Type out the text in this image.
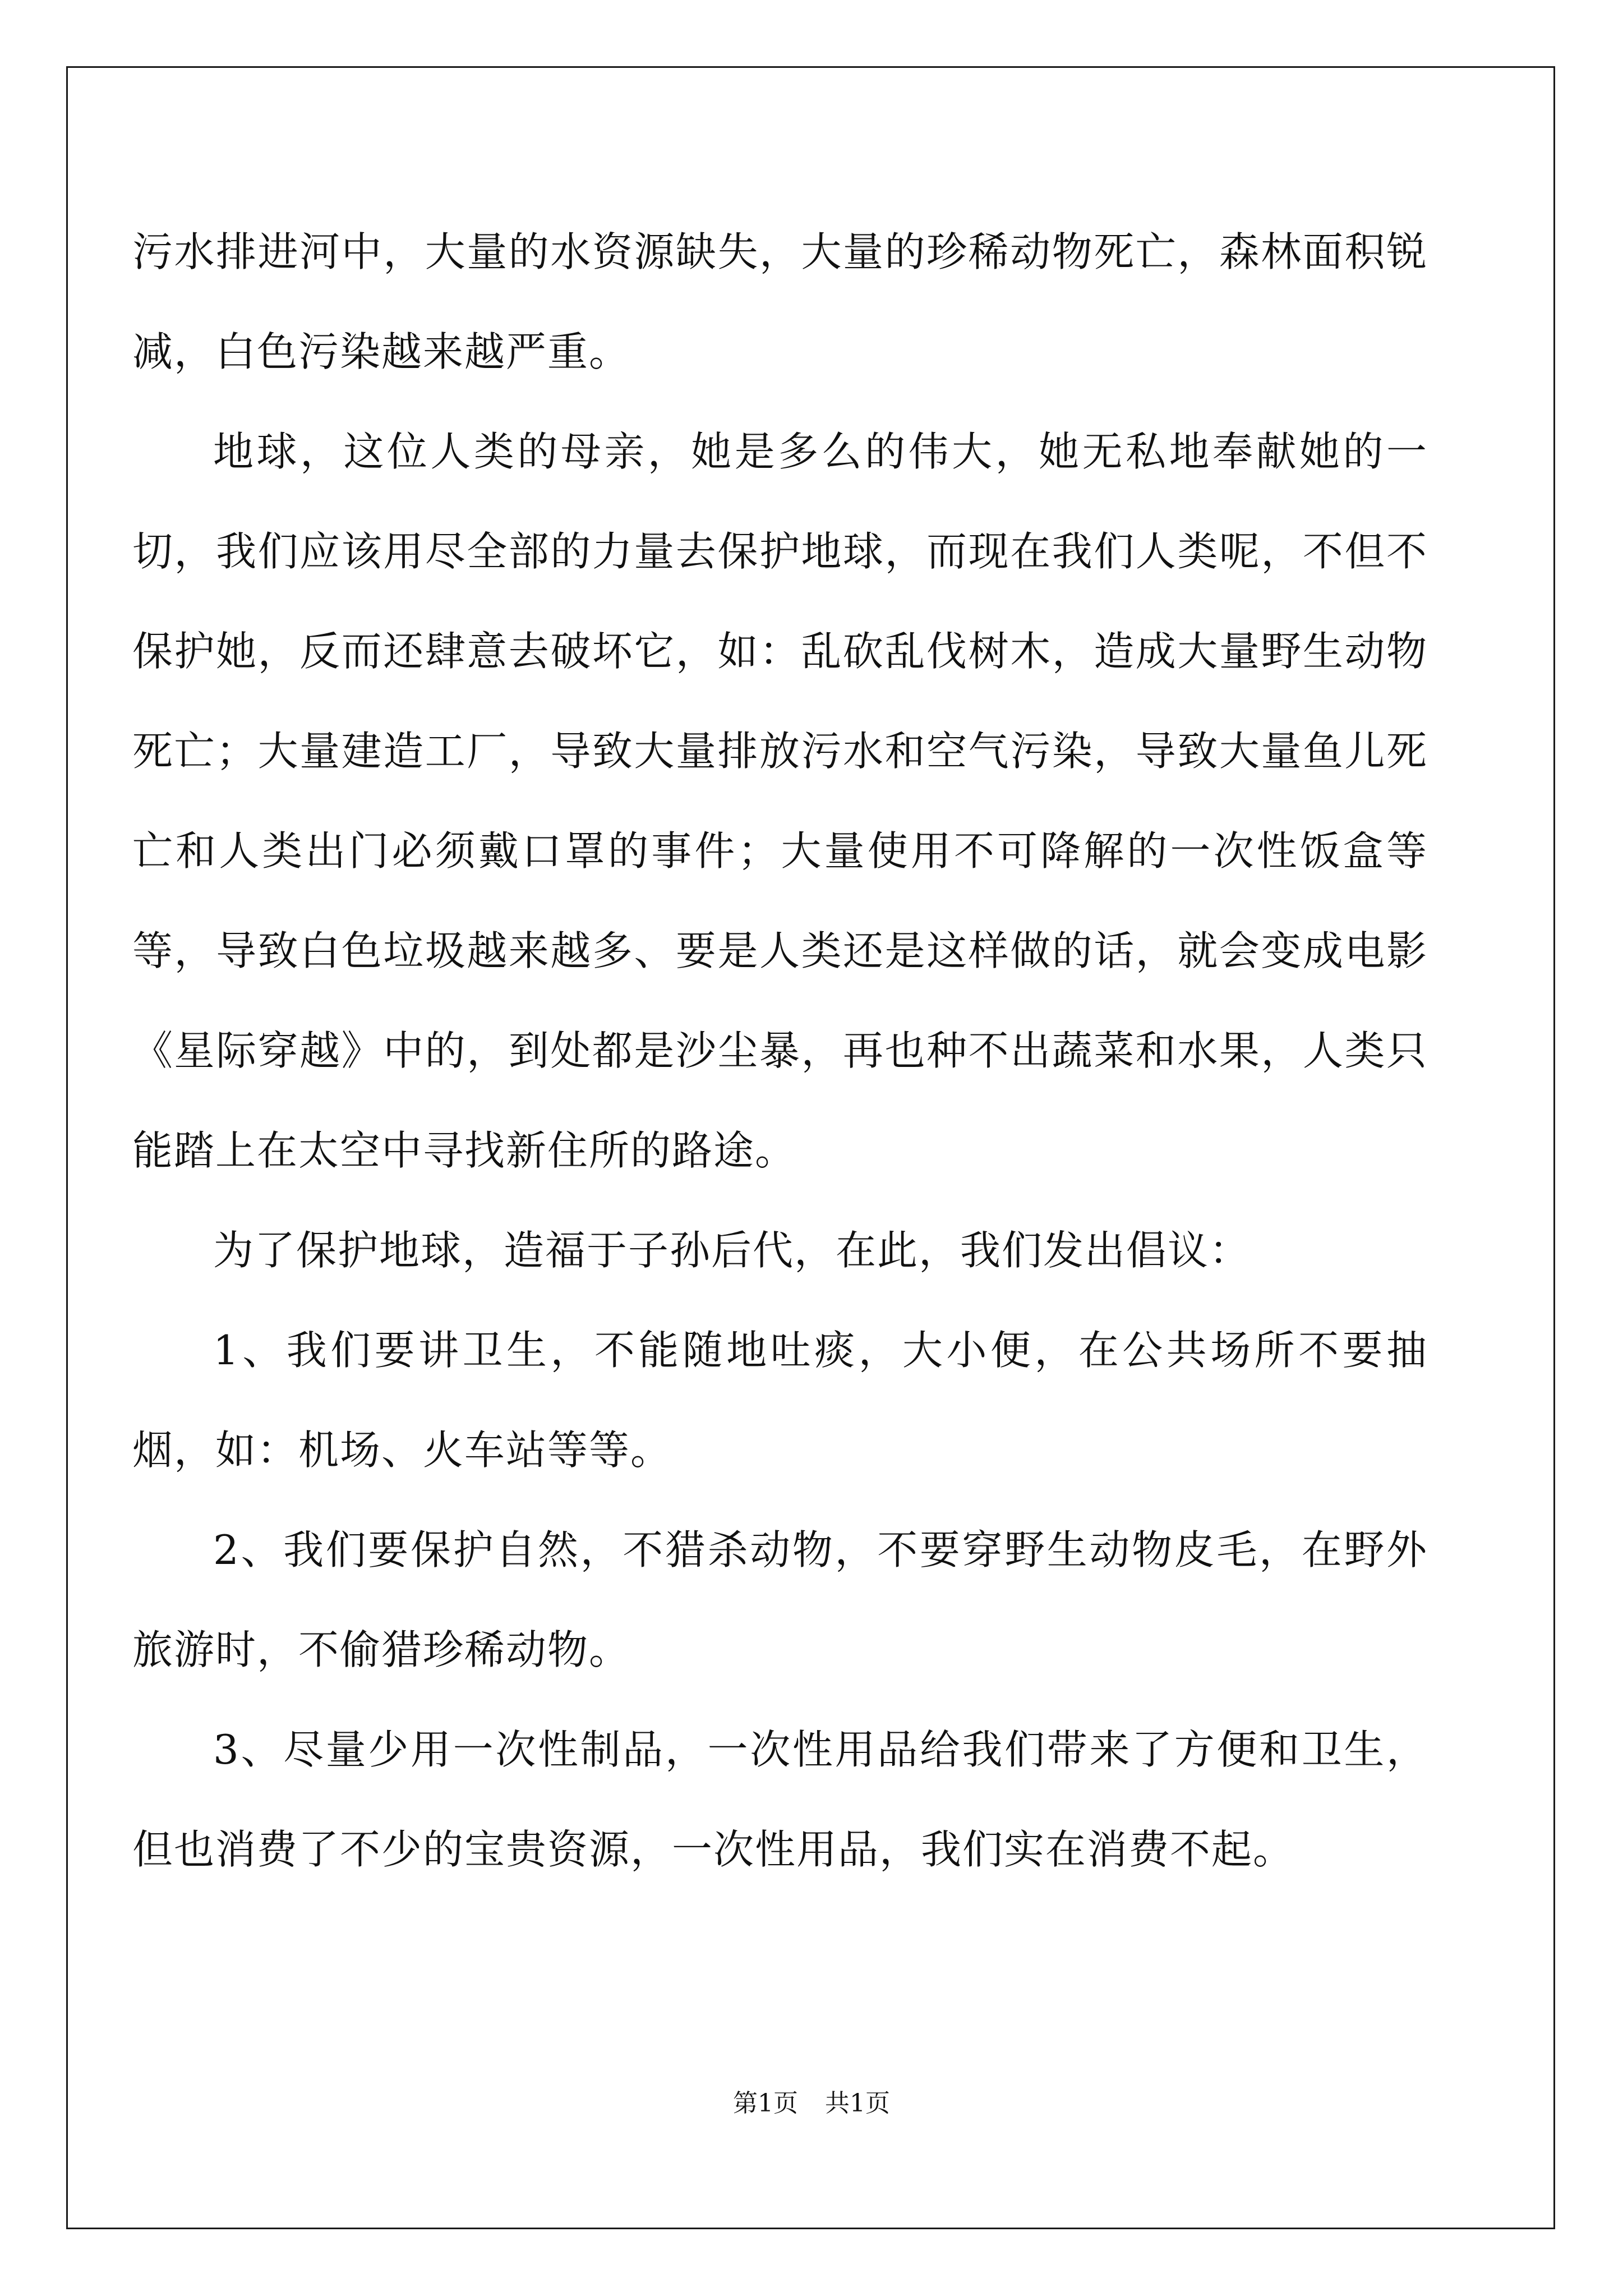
污水排进河中，大量的水资源缺失，大量的珍稀动物死亡，森林面积锐减，白色污染越来越严重。

地球，这位人类的母亲，她是多么的伟大，她无私地奉献她的一切，我们应该用尽全部的力量去保护地球，而现在我们人类呢，不但不保护她，反而还肆意去破坏它，如：乱砍乱伐树木，造成大量野生动物死亡；大量建造工厂，导致大量排放污水和空气污染，导致大量鱼儿死亡和人类出门必须戴口罩的事件；大量使用不可降解的一次性饭盒等等，导致白色垃圾越来越多、要是人类还是这样做的话，就会变成电影《星际穿越》中的，到处都是沙尘暴，再也种不出蔬菜和水果，人类只能踏上在太空中寻找新住所的路途。

为了保护地球，造福于子孙后代，在此，我们发出倡议：

1、我们要讲卫生，不能随地吐痰，大小便，在公共场所不要抽烟，如：机场、火车站等等。

2、我们要保护自然，不猎杀动物，不要穿野生动物皮毛，在野外旅游时，不偷猎珍稀动物。

3、尽量少用一次性制品，一次性用品给我们带来了方便和卫生，但也消费了不少的宝贵资源，一次性用品，我们实在消费不起。

第1页 共1页
